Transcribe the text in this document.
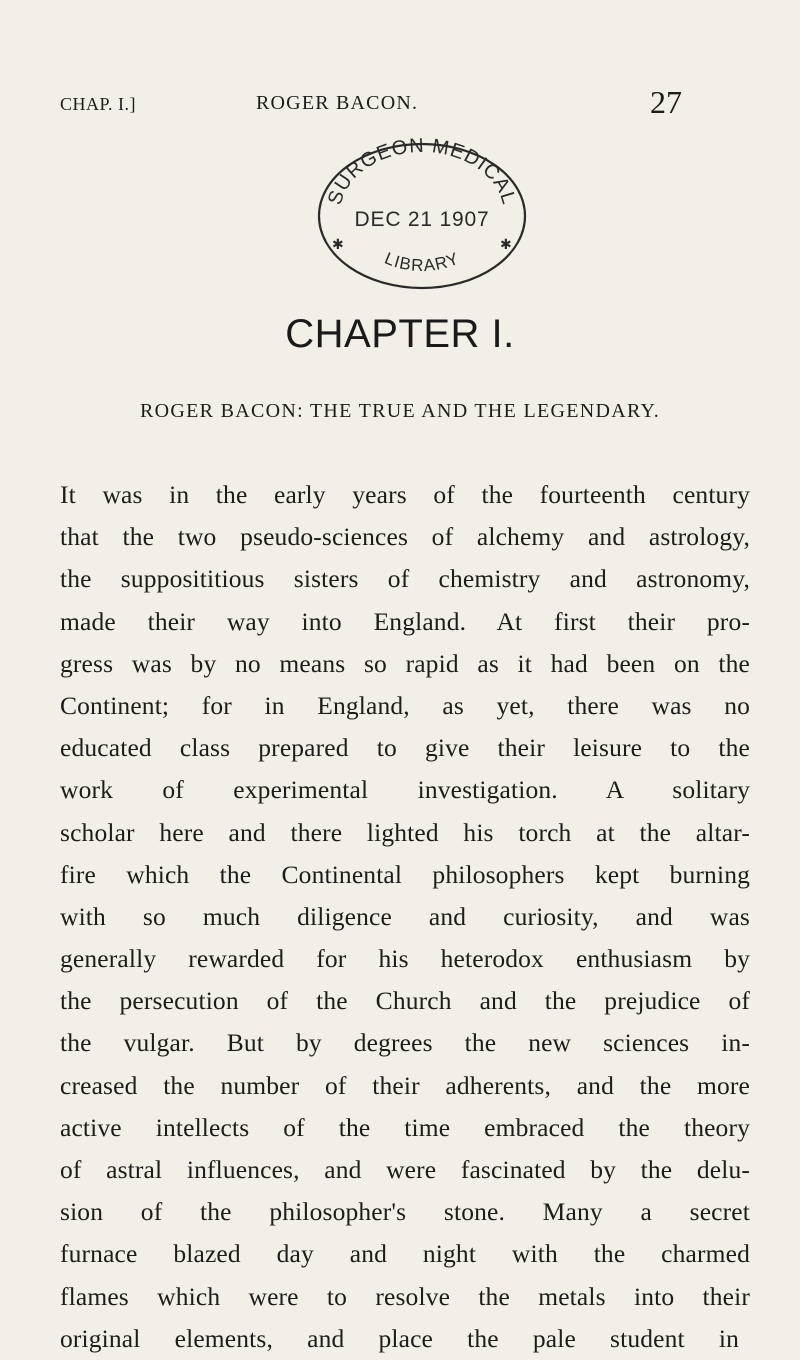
CHAP. I.]	ROGER BACON.	27
SURGEON MEDICAL
DEC 21 1907
LIBRARY
✱	✱
CHAPTER I.
ROGER BACON: THE TRUE AND THE LEGENDARY.
It was in the early years of the fourteenth century
that the two pseudo-sciences of alchemy and astrology,
the supposititious sisters of chemistry and astronomy,
made their way into England. At first their pro-
gress was by no means so rapid as it had been on the
Continent; for in England, as yet, there was no
educated class prepared to give their leisure to the
work of experimental investigation. A solitary
scholar here and there lighted his torch at the altar-
fire which the Continental philosophers kept burning
with so much diligence and curiosity, and was
generally rewarded for his heterodox enthusiasm by
the persecution of the Church and the prejudice of
the vulgar. But by degrees the new sciences in-
creased the number of their adherents, and the more
active intellects of the time embraced the theory
of astral influences, and were fascinated by the delu-
sion of the philosopher's stone. Many a secret
furnace blazed day and night with the charmed
flames which were to resolve the metals into their
original elements, and place the pale student in
